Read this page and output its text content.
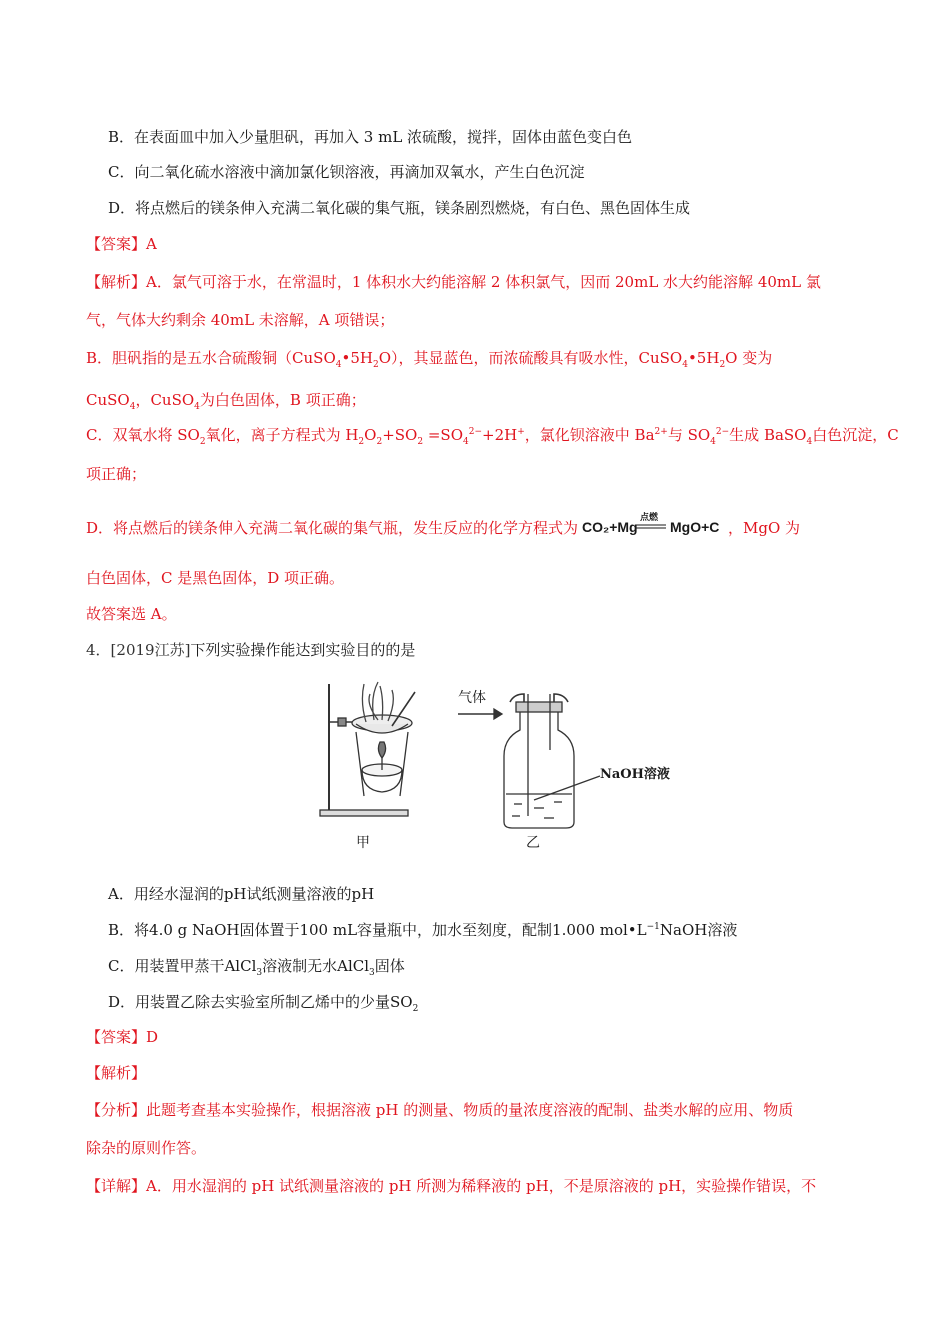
B．在表面皿中加入少量胆矾，再加入 3 mL 浓硫酸，搅拌，固体由蓝色变白色
C．向二氧化硫水溶液中滴加氯化钡溶液，再滴加双氧水，产生白色沉淀
D．将点燃后的镁条伸入充满二氧化碳的集气瓶，镁条剧烈燃烧，有白色、黑色固体生成
【答案】A
【解析】A．氯气可溶于水，在常温时，1 体积水大约能溶解 2 体积氯气，因而 20mL 水大约能溶解 40mL 氯
气，气体大约剩余 40mL 未溶解，A 项错误；
B．胆矾指的是五水合硫酸铜$(CuSO_4•5H_2O)$，其显蓝色，而浓硫酸具有吸水性，$CuSO_4•5H_2O$ 变为
CuSO$_4$，CuSO$_4$为白色固体，B 项正确；
C．双氧水将 $SO_2$氧化，离子方程式为 $H_2O_2+SO_2 =SO_4^{2-}+2H^+$，氯化钡溶液中 $Ba^{2+}$与 $SO_4^{2-}$生成 BaSO$_4$白色沉淀，C
项正确；
D．将点燃后的镁条伸入充满二氧化碳的集气瓶，发生反应的化学方程式为 CO₂+Mg
点燃
MgO+C ，MgO 为
白色固体，C 是黑色固体，D 项正确。
故答案选 A。
4．[2019江苏]下列实验操作能达到实验目的的是
甲
气体
NaOH溶液
乙
A．用经水湿润的pH试纸测量溶液的pH
B．将4.0 g NaOH固体置于100 mL容量瓶中，加水至刻度，配制1.000 $mol•L^{-1}NaOH$溶液
C．用装置甲蒸干AlCl$_3$溶液制无水AlCl$_3$固体
D．用装置乙除去实验室所制乙烯中的少量$SO_2$
【答案】D
【解析】
【分析】此题考查基本实验操作，根据溶液 pH 的测量、物质的量浓度溶液的配制、盐类水解的应用、物质
除杂的原则作答。
【详解】A．用水湿润的 pH 试纸测量溶液的 pH 所测为稀释液的 pH，不是原溶液的 pH，实验操作错误，不
